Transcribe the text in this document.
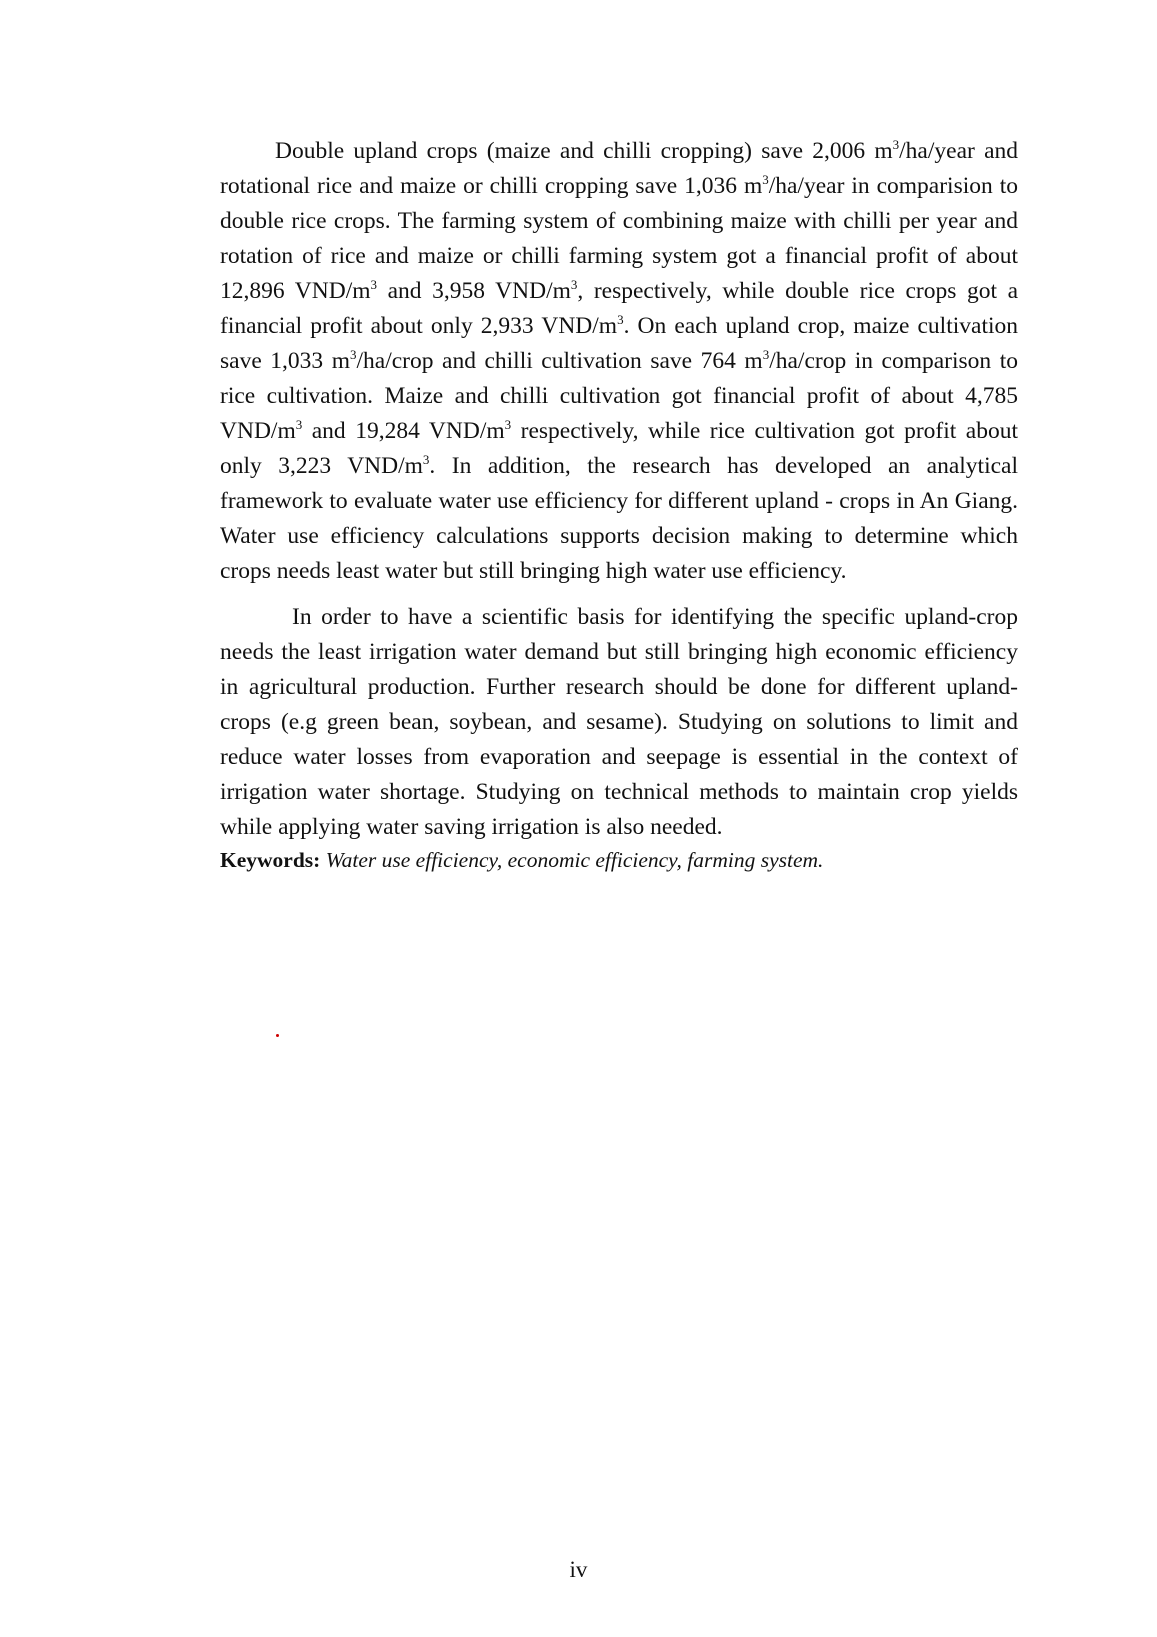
Double upland crops (maize and chilli cropping) save 2,006 $m^3/ha$/year and rotational rice and maize or chilli cropping save 1,036 $m^3/ha$/year in comparision to double rice crops. The farming system of combining maize with chilli per year and rotation of rice and maize or chilli farming system got a financial profit of about 12,896 VND/$m^3$ and 3,958 VND/$m^3$, respectively, while double rice crops got a financial profit about only 2,933 VND/$m^3$. On each upland crop, maize cultivation save 1,033 $m^3/ha$/crop and chilli cultivation save 764 $m^3/ha$/crop in comparison to rice cultivation. Maize and chilli cultivation got financial profit of about 4,785 VND/$m^3$ and 19,284 VND/$m^3$ respectively, while rice cultivation got profit about only 3,223 VND/$m^3$. In addition, the research has developed an analytical framework to evaluate water use efficiency for different upland - crops in An Giang. Water use efficiency calculations supports decision making to determine which crops needs least water but still bringing high water use efficiency.

In order to have a scientific basis for identifying the specific upland-crop needs the least irrigation water demand but still bringing high economic efficiency in agricultural production. Further research should be done for different upland-crops (e.g green bean, soybean, and sesame). Studying on solutions to limit and reduce water losses from evaporation and seepage is essential in the context of irrigation water shortage. Studying on technical methods to maintain crop yields while applying water saving irrigation is also needed.

Keywords: Water use efficiency, economic efficiency, farming system.

iv
